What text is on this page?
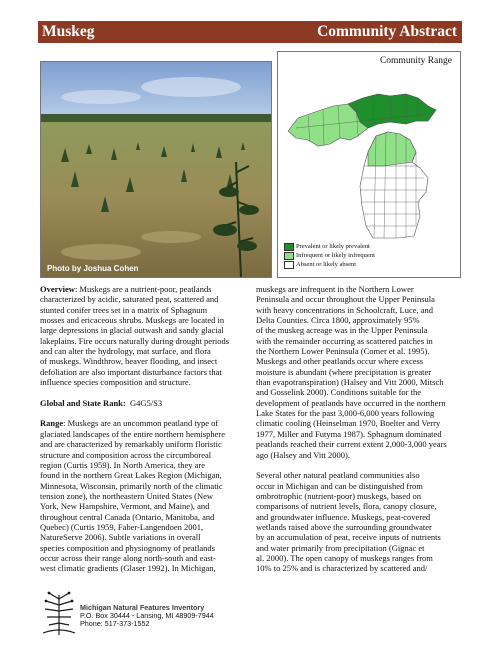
Muskeg	Community Abstract
Photo by Joshua Cohen
Community Range
Prevalent or likely prevalent
Infrequent or likely infrequent
Absent or likely absent

Overview: Muskegs are a nutrient-poor, peatlands
characterized by acidic, saturated peat, scattered and
stunted conifer trees set in a matrix of Sphagnum
mosses and ericaceous shrubs. Muskegs are located in
large depressions in glacial outwash and sandy glacial
lakeplains. Fire occurs naturally during drought periods
and can alter the hydrology, mat surface, and flora
of muskegs. Windthrow, beaver flooding, and insect
defoliation are also important disturbance factors that
influence species composition and structure.

Global and State Rank: G4G5/S3

Range: Muskegs are an uncommon peatland type of
glaciated landscapes of the entire northern hemisphere
and are characterized by remarkably uniform floristic
structure and composition across the circumboreal
region (Curtis 1959). In North America, they are
found in the northern Great Lakes Region (Michigan,
Minnesota, Wisconsin, primarily north of the climatic
tension zone), the northeastern United States (New
York, New Hampshire, Vermont, and Maine), and
throughout central Canada (Ontario, Manitoba, and
Quebec) (Curtis 1959, Faber-Langendoen 2001,
NatureServe 2006). Subtle variations in overall
species composition and physiognomy of peatlands
occur across their range along north-south and east-
west climatic gradients (Glaser 1992). In Michigan,

muskegs are infrequent in the Northern Lower
Peninsula and occur throughout the Upper Peninsula
with heavy concentrations in Schoolcraft, Luce, and
Delta Counties. Circa 1800, approximately 95%
of the muskeg acreage was in the Upper Peninsula
with the remainder occurring as scattered patches in
the Northern Lower Peninsula (Comer et al. 1995).
Muskegs and other peatlands occur where excess
moisture is abundant (where precipitation is greater
than evapotranspiration) (Halsey and Vitt 2000, Mitsch
and Gosselink 2000). Conditions suitable for the
development of peatlands have occurred in the northern
Lake States for the past 3,000-6,000 years following
climatic cooling (Heinselman 1970, Boelter and Verry
1977, Miller and Futyma 1987). Sphagnum dominated
peatlands reached their current extent 2,000-3,000 years
ago (Halsey and Vitt 2000).

Several other natural peatland communities also
occur in Michigan and can be distinguished from
ombrotrophic (nutrient-poor) muskegs, based on
comparisons of nutrient levels, flora, canopy closure,
and groundwater influence. Muskegs, peat-covered
wetlands raised above the surrounding groundwater
by an accumulation of peat, receive inputs of nutrients
and water primarily from precipitation (Gignac et
al. 2000). The open canopy of muskegs ranges from
10% to 25% and is characterized by scattered and/

Michigan Natural Features Inventory
P.O. Box 30444 - Lansing, MI 48909-7944
Phone: 517-373-1552
